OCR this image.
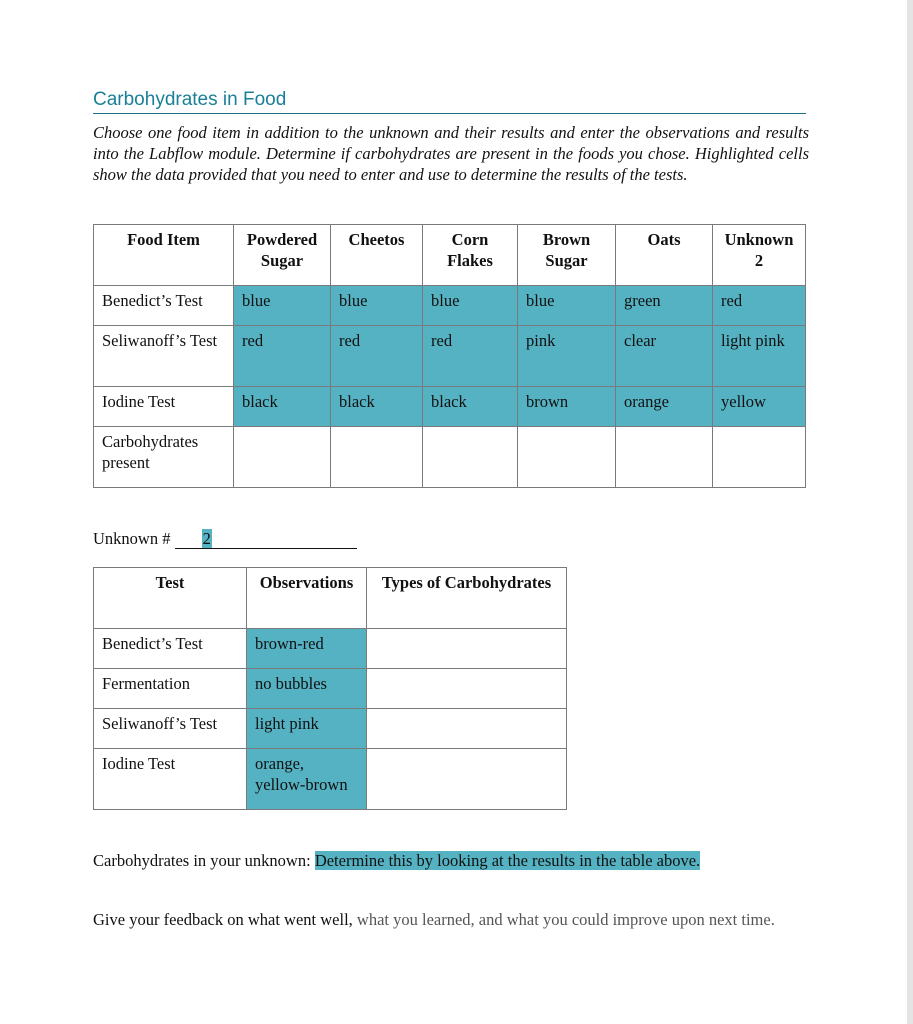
Carbohydrates in Food
Choose one food item in addition to the unknown and their results and enter the observations and results into the Labflow module. Determine if carbohydrates are present in the foods you chose. Highlighted cells show the data provided that you need to enter and use to determine the results of the tests.
Food Item	Powdered Sugar	Cheetos	Corn Flakes	Brown Sugar	Oats	Unknown 2
Benedict’s Test	blue	blue	blue	blue	green	red
Seliwanoff’s Test	red	red	red	pink	clear	light pink
Iodine Test	black	black	black	brown	orange	yellow
Carbohydrates present						
Unknown # 2
Test	Observations	Types of Carbohydrates
Benedict’s Test	brown-red	
Fermentation	no bubbles	
Seliwanoff’s Test	light pink	
Iodine Test	orange, yellow-brown	
Carbohydrates in your unknown: Determine this by looking at the results in the table above.
Give your feedback on what went well, what you learned, and what you could improve upon next time.
